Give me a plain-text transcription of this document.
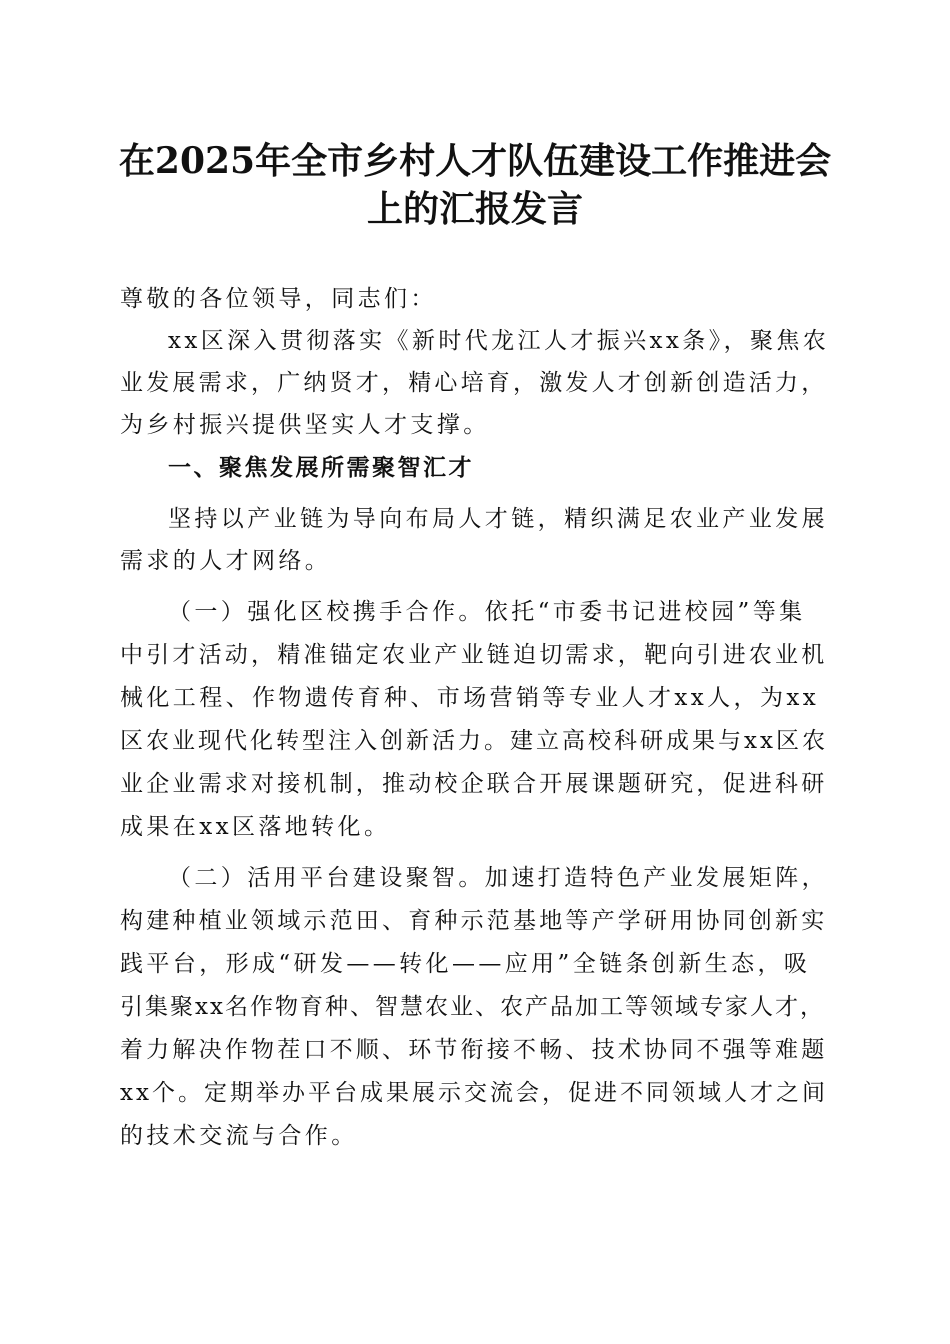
在2025年全市乡村人才队伍建设工作推进会
上的汇报发言
尊敬的各位领导，同志们：
xx区深入贯彻落实《新时代龙江人才振兴xx条》，聚焦农
业发展需求，广纳贤才，精心培育，激发人才创新创造活力，
为乡村振兴提供坚实人才支撑。
一、聚焦发展所需聚智汇才
坚持以产业链为导向布局人才链，精织满足农业产业发展
需求的人才网络。
（一）强化区校携手合作。依托“市委书记进校园”等集
中引才活动，精准锚定农业产业链迫切需求，靶向引进农业机
械化工程、作物遗传育种、市场营销等专业人才xx人，为xx
区农业现代化转型注入创新活力。建立高校科研成果与xx区农
业企业需求对接机制，推动校企联合开展课题研究，促进科研
成果在xx区落地转化。
（二）活用平台建设聚智。加速打造特色产业发展矩阵，
构建种植业领域示范田、育种示范基地等产学研用协同创新实
践平台，形成“研发——转化——应用”全链条创新生态，吸
引集聚xx名作物育种、智慧农业、农产品加工等领域专家人才，
着力解决作物茬口不顺、环节衔接不畅、技术协同不强等难题
xx个。定期举办平台成果展示交流会，促进不同领域人才之间
的技术交流与合作。
